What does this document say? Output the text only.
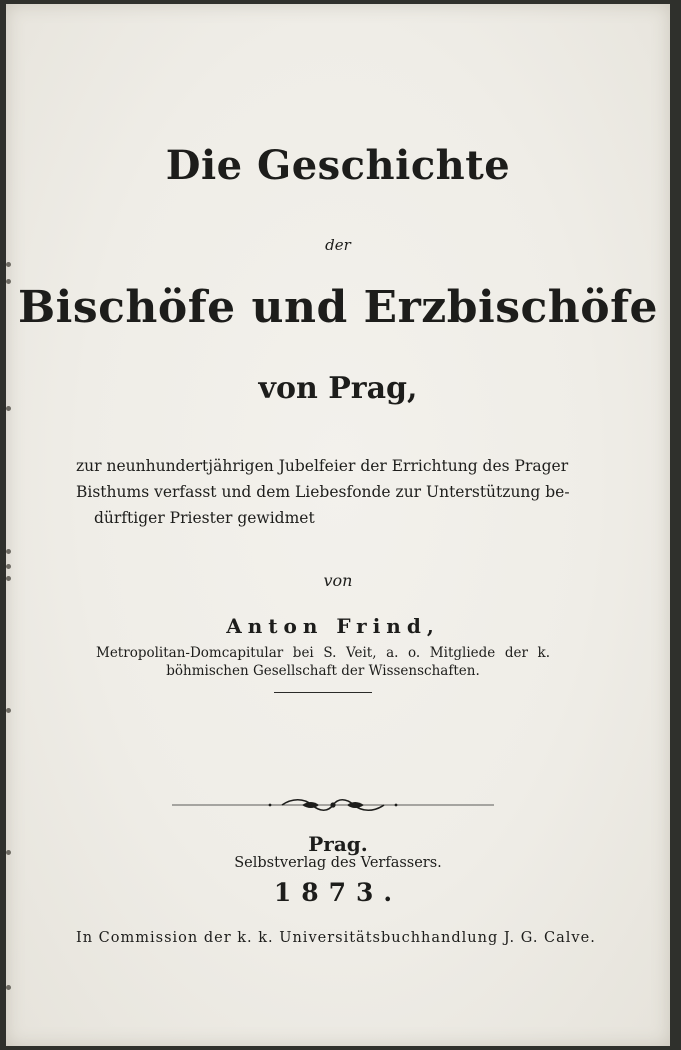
Die Geschichte
der
Bischöfe und Erzbischöfe
von Prag,
zur neunhundertjährigen Jubelfeier der Errichtung des Prager
Bisthums verfasst und dem Liebesfonde zur Unterstützung be-
dürftiger Priester gewidmet
von
Anton Frind,
Metropolitan-Domcapitular bei S. Veit, a. o. Mitgliede der k.
böhmischen Gesellschaft der Wissenschaften.
Prag.
Selbstverlag des Verfassers.
1873.
In Commission der k. k. Universitätsbuchhandlung J. G. Calve.
